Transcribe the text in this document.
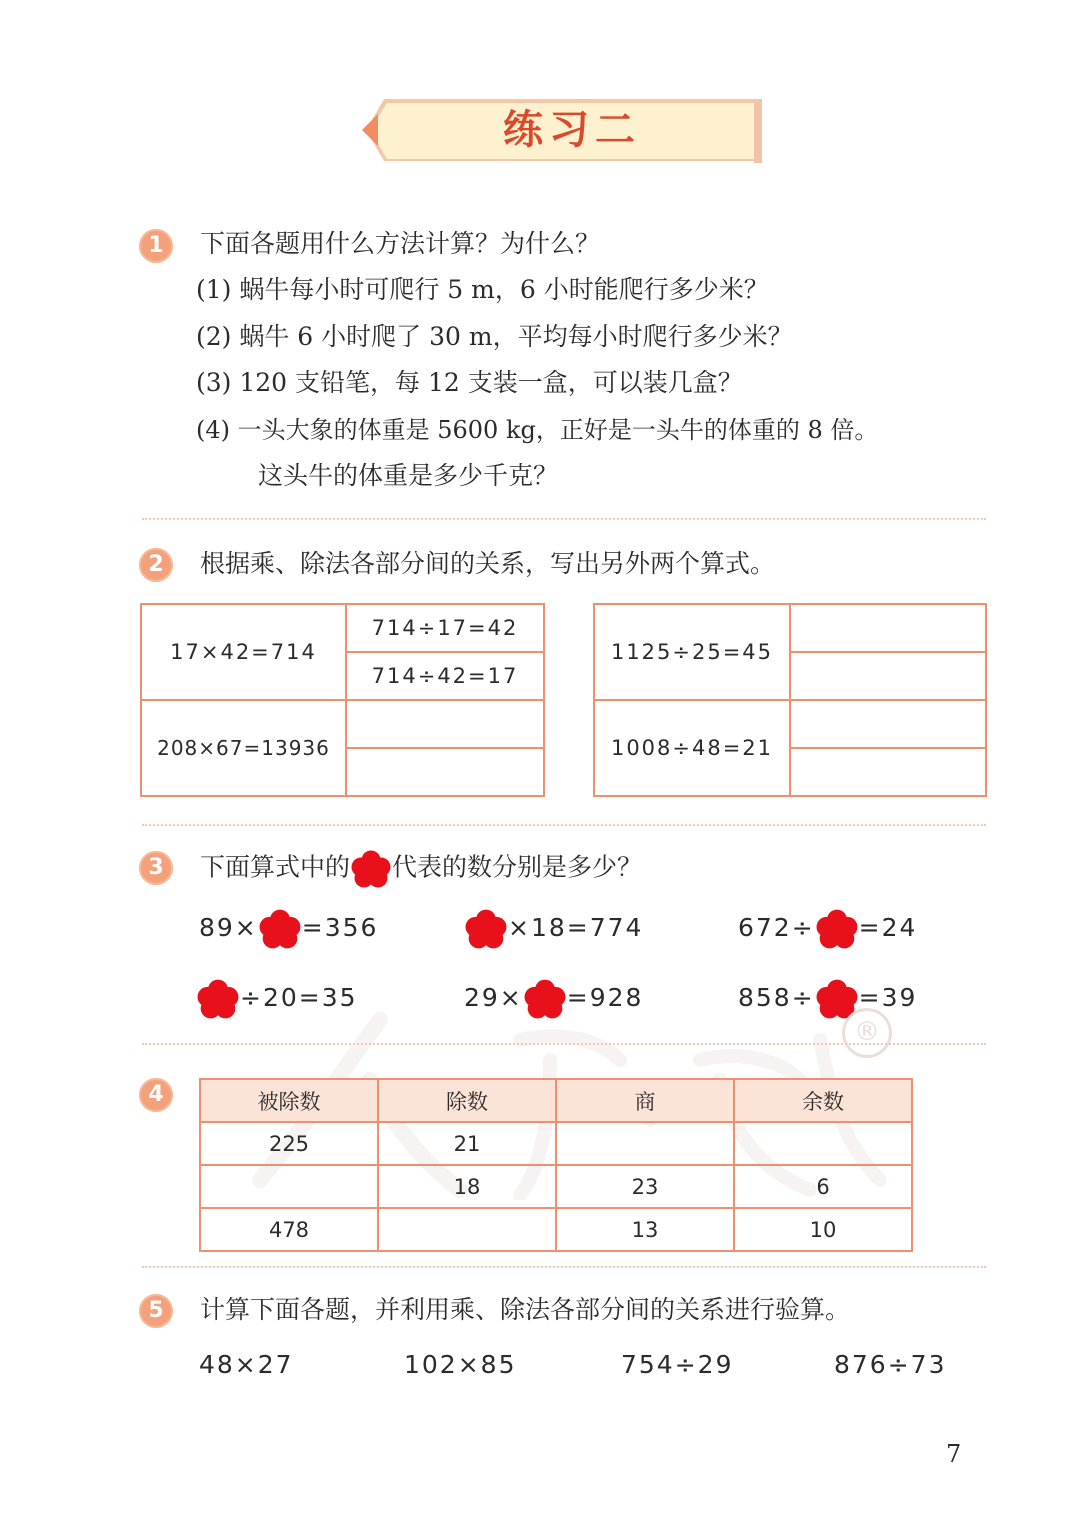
练习二
1	下面各题用什么方法计算？为什么？
(1) 蜗牛每小时可爬行 5 m，6 小时能爬行多少米？
(2) 蜗牛 6 小时爬了 30 m，平均每小时爬行多少米？
(3) 120 支铅笔，每 12 支装一盒，可以装几盒？
(4) 一头大象的体重是 5600 kg，正好是一头牛的体重的 8 倍。
这头牛的体重是多少千克？
2	根据乘、除法各部分间的关系，写出另外两个算式。
17×42=714	714÷17=42
	714÷42=17
208×67=13936	

1125÷25=45	

1008÷48=21	

3	下面算式中的 代表的数分别是多少？
89× =356	×18=774	672÷ =24
÷20=35	29× =928	858÷ =39
®
4	被除数	除数	商	余数
225	21		
	18	23	6
478		13	10
5	计算下面各题，并利用乘、除法各部分间的关系进行验算。
48×27	102×85	754÷29	876÷73
7
